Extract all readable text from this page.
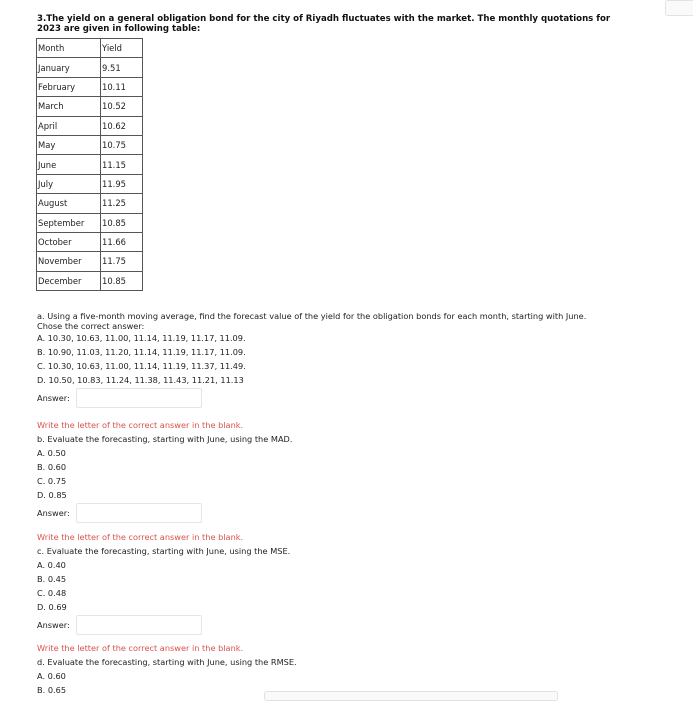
3.The yield on a general obligation bond for the city of Riyadh fluctuates with the market. The monthly quotations for 2023 are given in following table:
Month	Yield
January	9.51
February	10.11
March	10.52
April	10.62
May	10.75
June	11.15
July	11.95
August	11.25
September	10.85
October	11.66
November	11.75
December	10.85
a. Using a five-month moving average, find the forecast value of the yield for the obligation bonds for each month, starting with June. Chose the correct answer:
A. 10.30, 10.63, 11.00, 11.14, 11.19, 11.17, 11.09.
B. 10.90, 11.03, 11.20, 11.14, 11.19, 11.17, 11.09.
C. 10.30, 10.63, 11.00, 11.14, 11.19, 11.37, 11.49.
D. 10.50, 10.83, 11.24, 11.38, 11.43, 11.21, 11.13
Answer:
Write the letter of the correct answer in the blank.
b. Evaluate the forecasting, starting with June, using the MAD.
A. 0.50
B. 0.60
C. 0.75
D. 0.85
Answer:
Write the letter of the correct answer in the blank.
c. Evaluate the forecasting, starting with June, using the MSE.
A. 0.40
B. 0.45
C. 0.48
D. 0.69
Answer:
Write the letter of the correct answer in the blank.
d. Evaluate the forecasting, starting with June, using the RMSE.
A. 0.60
B. 0.65
